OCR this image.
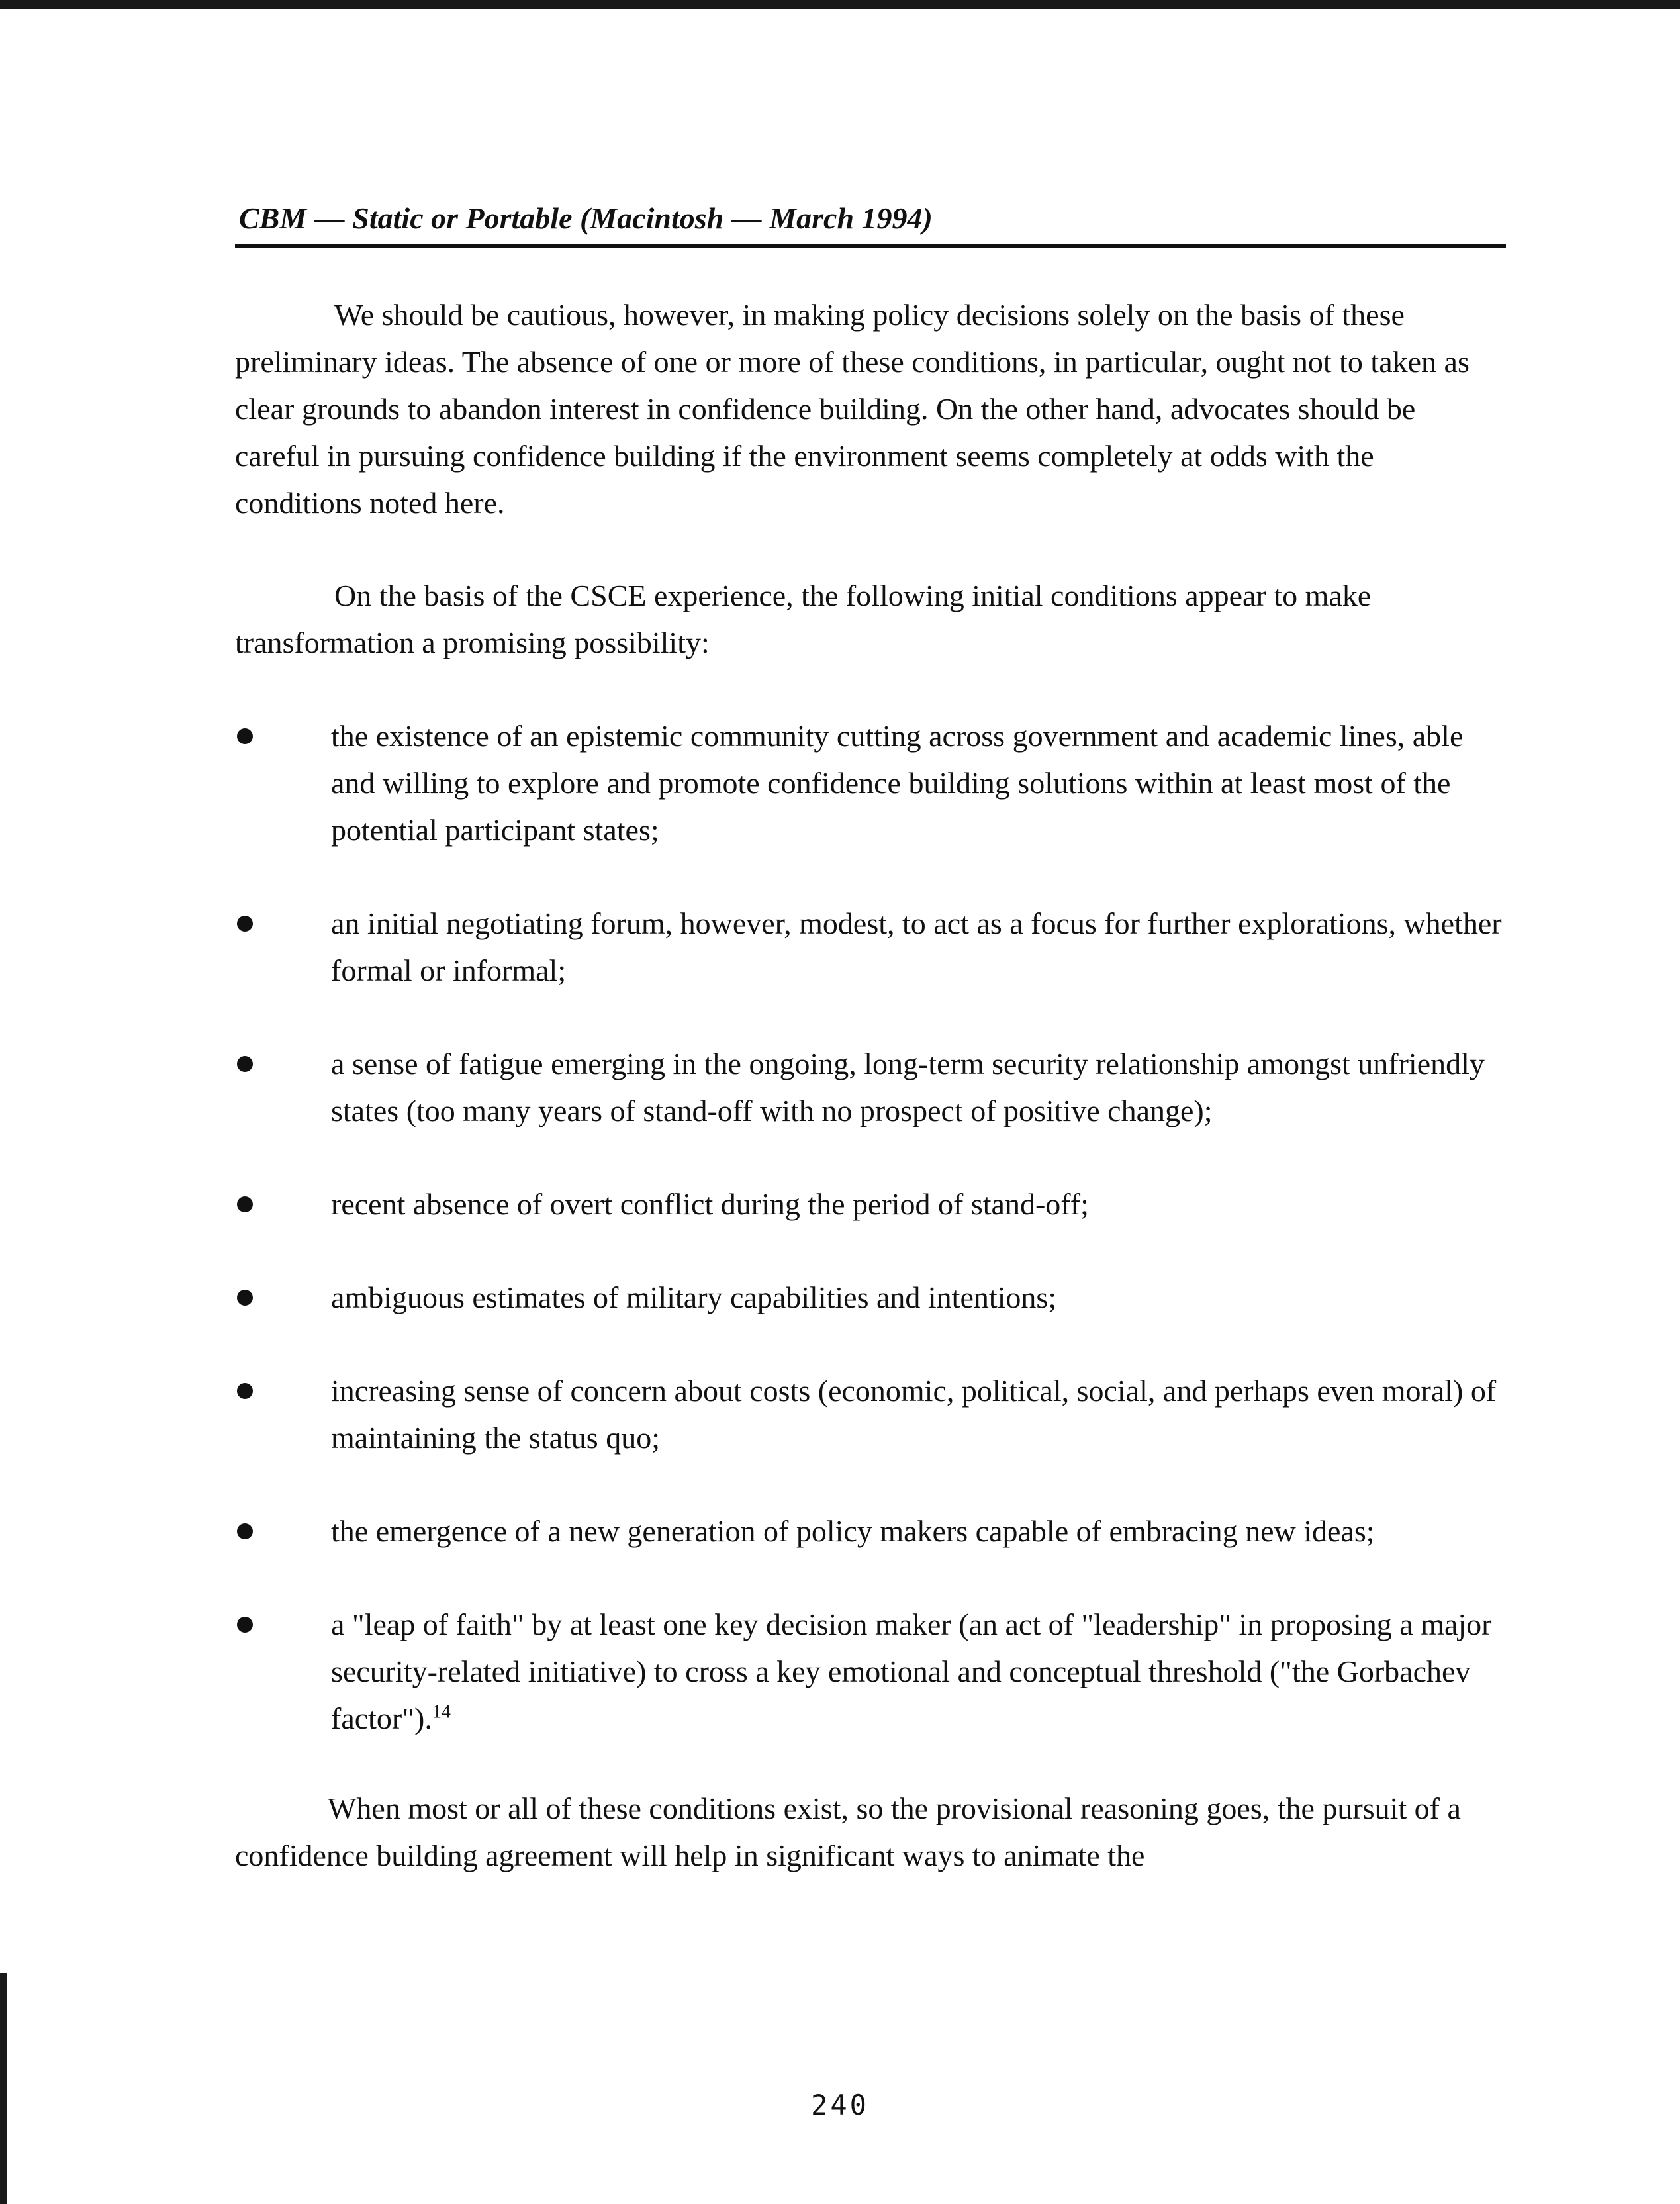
CBM — Static or Portable (Macintosh — March 1994)

We should be cautious, however, in making policy decisions solely on the basis of these preliminary ideas. The absence of one or more of these conditions, in particular, ought not to taken as clear grounds to abandon interest in confidence building. On the other hand, advocates should be careful in pursuing confidence building if the environment seems completely at odds with the conditions noted here.

On the basis of the CSCE experience, the following initial conditions appear to make transformation a promising possibility:

the existence of an epistemic community cutting across government and academic lines, able and willing to explore and promote confidence building solutions within at least most of the potential participant states;
an initial negotiating forum, however, modest, to act as a focus for further explorations, whether formal or informal;
a sense of fatigue emerging in the ongoing, long-term security relationship amongst unfriendly states (too many years of stand-off with no prospect of positive change);
recent absence of overt conflict during the period of stand-off;
ambiguous estimates of military capabilities and intentions;
increasing sense of concern about costs (economic, political, social, and perhaps even moral) of maintaining the status quo;
the emergence of a new generation of policy makers capable of embracing new ideas;
a "leap of faith" by at least one key decision maker (an act of "leadership" in proposing a major security-related initiative) to cross a key emotional and conceptual threshold ("the Gorbachev factor").$^{14}$

When most or all of these conditions exist, so the provisional reasoning goes, the pursuit of a confidence building agreement will help in significant ways to animate the

240
